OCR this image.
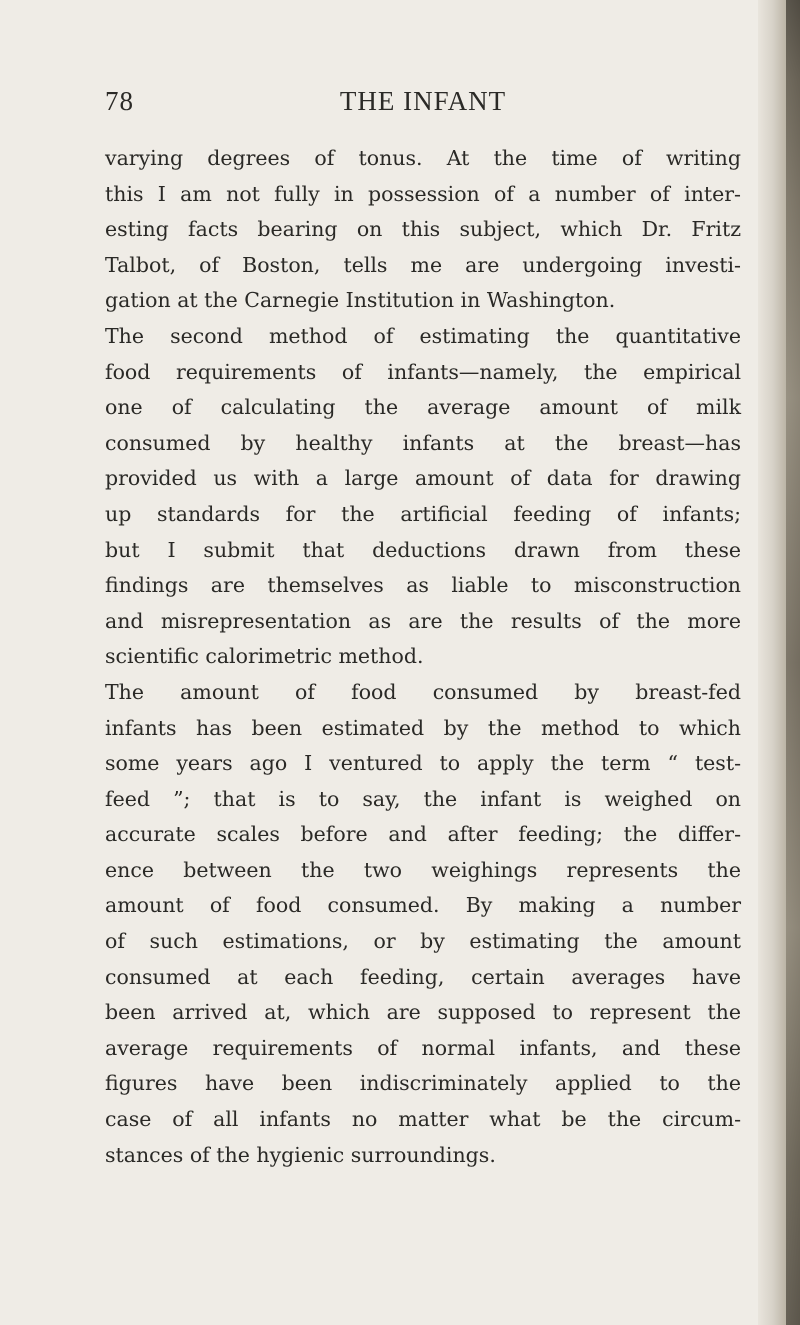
THE INFANT
78
varying degrees of tonus. At the time of writing
this I am not fully in possession of a number of inter-
esting facts bearing on this subject, which Dr. Fritz
Talbot, of Boston, tells me are undergoing investi-
gation at the Carnegie Institution in Washington.
The second method of estimating the quantitative
food requirements of infants—namely, the empirical
one of calculating the average amount of milk
consumed by healthy infants at the breast—has
provided us with a large amount of data for drawing
up standards for the artificial feeding of infants;
but I submit that deductions drawn from these
findings are themselves as liable to misconstruction
and misrepresentation as are the results of the more
scientific calorimetric method.
The amount of food consumed by breast-fed
infants has been estimated by the method to which
some years ago I ventured to apply the term “ test-
feed ”; that is to say, the infant is weighed on
accurate scales before and after feeding; the differ-
ence between the two weighings represents the
amount of food consumed. By making a number
of such estimations, or by estimating the amount
consumed at each feeding, certain averages have
been arrived at, which are supposed to represent the
average requirements of normal infants, and these
figures have been indiscriminately applied to the
case of all infants no matter what be the circum-
stances of the hygienic surroundings.
